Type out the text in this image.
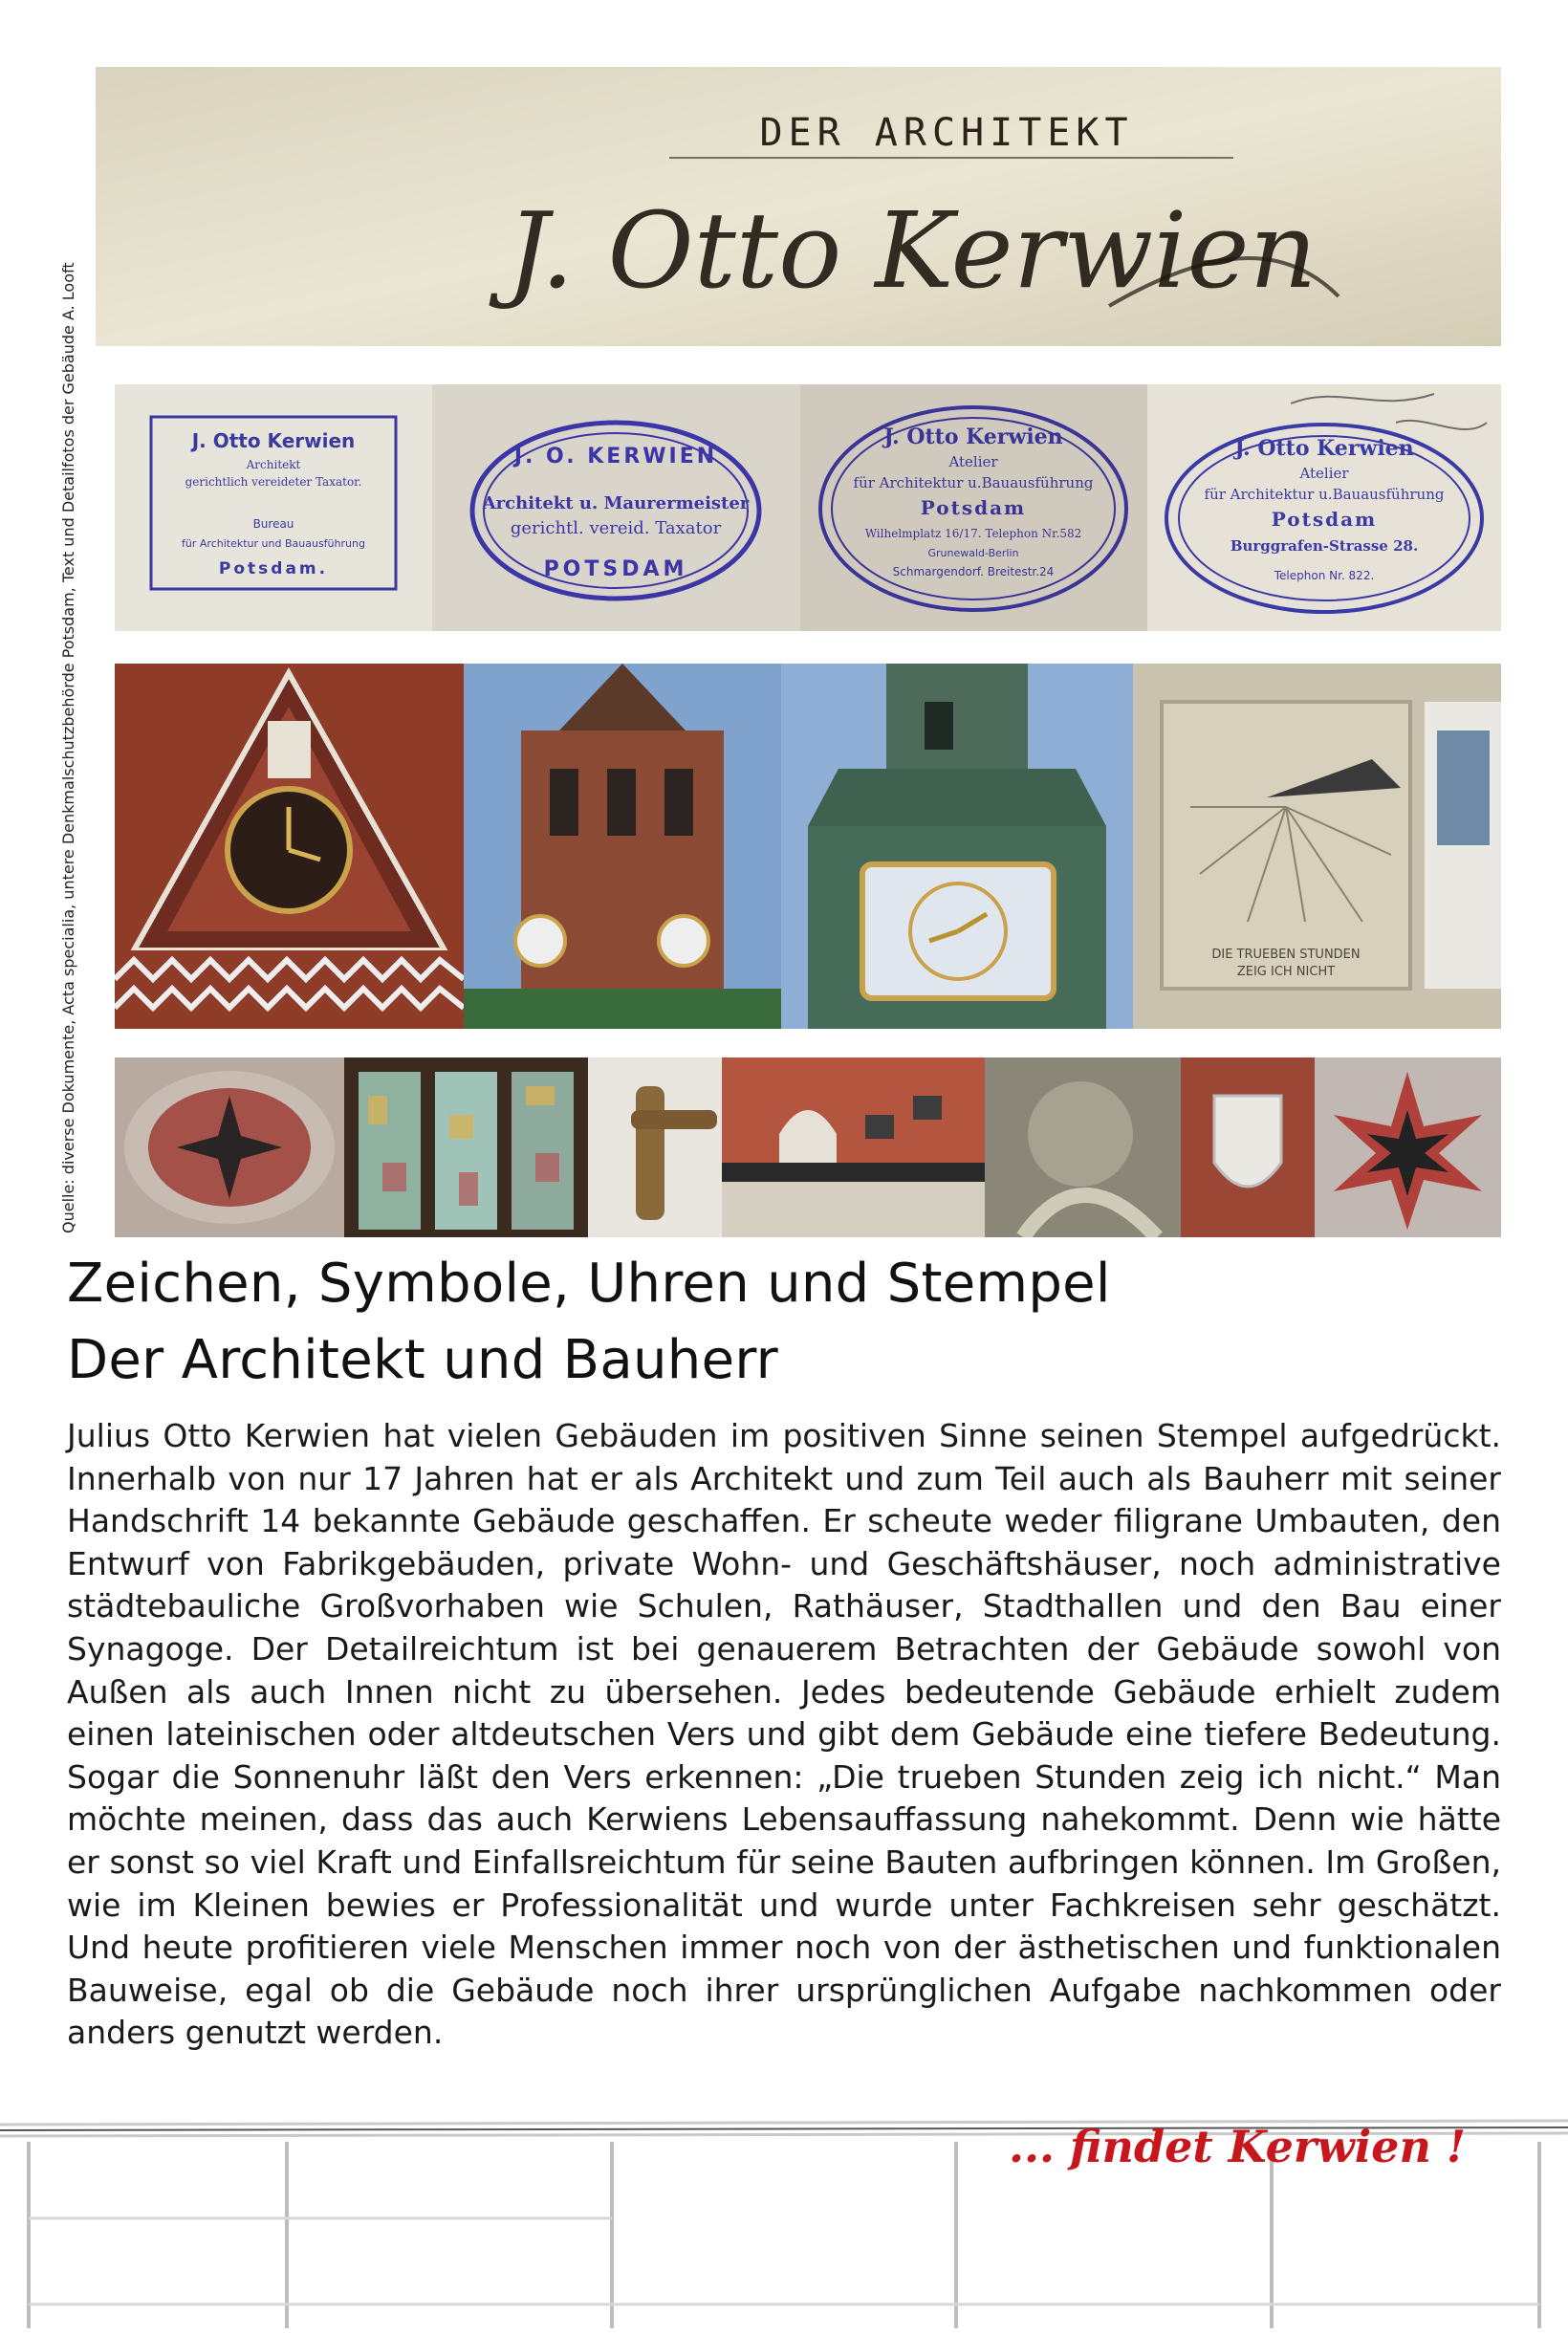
Quelle: diverse Dokumente, Acta specialia, untere Denkmalschutzbehörde Potsdam, Text und Detailfotos der Gebäude A. Looft
DER ARCHITEKT
J. Otto Kerwien
J. Otto Kerwien
Architekt
gerichtlich vereideter Taxator.
Bureau
für Architektur und Bauausführung
Potsdam.
J. O. KERWIEN
Architekt u. Maurermeister
gerichtl. vereid. Taxator
POTSDAM
J. Otto Kerwien
Atelier
für Architektur u.Bauausführung
Potsdam
Wilhelmplatz 16/17. Telephon Nr.582
Grunewald-Berlin
Schmargendorf. Breitestr.24
J. Otto Kerwien
Atelier
für Architektur u.Bauausführung
Potsdam
Burggrafen-Strasse 28.
Telephon Nr. 822.
DIE TRUEBEN STUNDEN
ZEIG ICH NICHT
Zeichen, Symbole, Uhren und Stempel
Der Architekt und Bauherr
Julius Otto Kerwien hat vielen Gebäuden im positiven Sinne seinen Stempel aufgedrückt. Innerhalb von nur 17 Jahren hat er als Architekt und zum Teil auch als Bauherr mit seiner Handschrift 14 bekannte Gebäude geschaffen. Er scheute weder filigrane Umbauten, den Entwurf von Fabrikgebäuden, private Wohn- und Geschäftshäuser, noch administrative städtebauliche Großvorhaben wie Schulen, Rathäuser, Stadthallen und den Bau einer Synagoge. Der Detailreichtum ist bei genauerem Betrachten der Gebäude sowohl von Außen als auch Innen nicht zu übersehen. Jedes bedeutende Gebäude erhielt zudem einen lateinischen oder altdeutschen Vers und gibt dem Gebäude eine tiefere Bedeutung. Sogar die Sonnenuhr läßt den Vers erkennen: „Die trueben Stunden zeig ich nicht.“ Man möchte meinen, dass das auch Kerwiens Lebensauffassung nahekommt. Denn wie hätte er sonst so viel Kraft und Einfallsreichtum für seine Bauten aufbringen können. Im Großen, wie im Kleinen bewies er Professionalität und wurde unter Fachkreisen sehr geschätzt. Und heute profitieren viele Menschen immer noch von der ästhetischen und funktionalen Bauweise, egal ob die Gebäude noch ihrer ursprünglichen Aufgabe nachkommen oder anders genutzt werden.
... findet Kerwien !
